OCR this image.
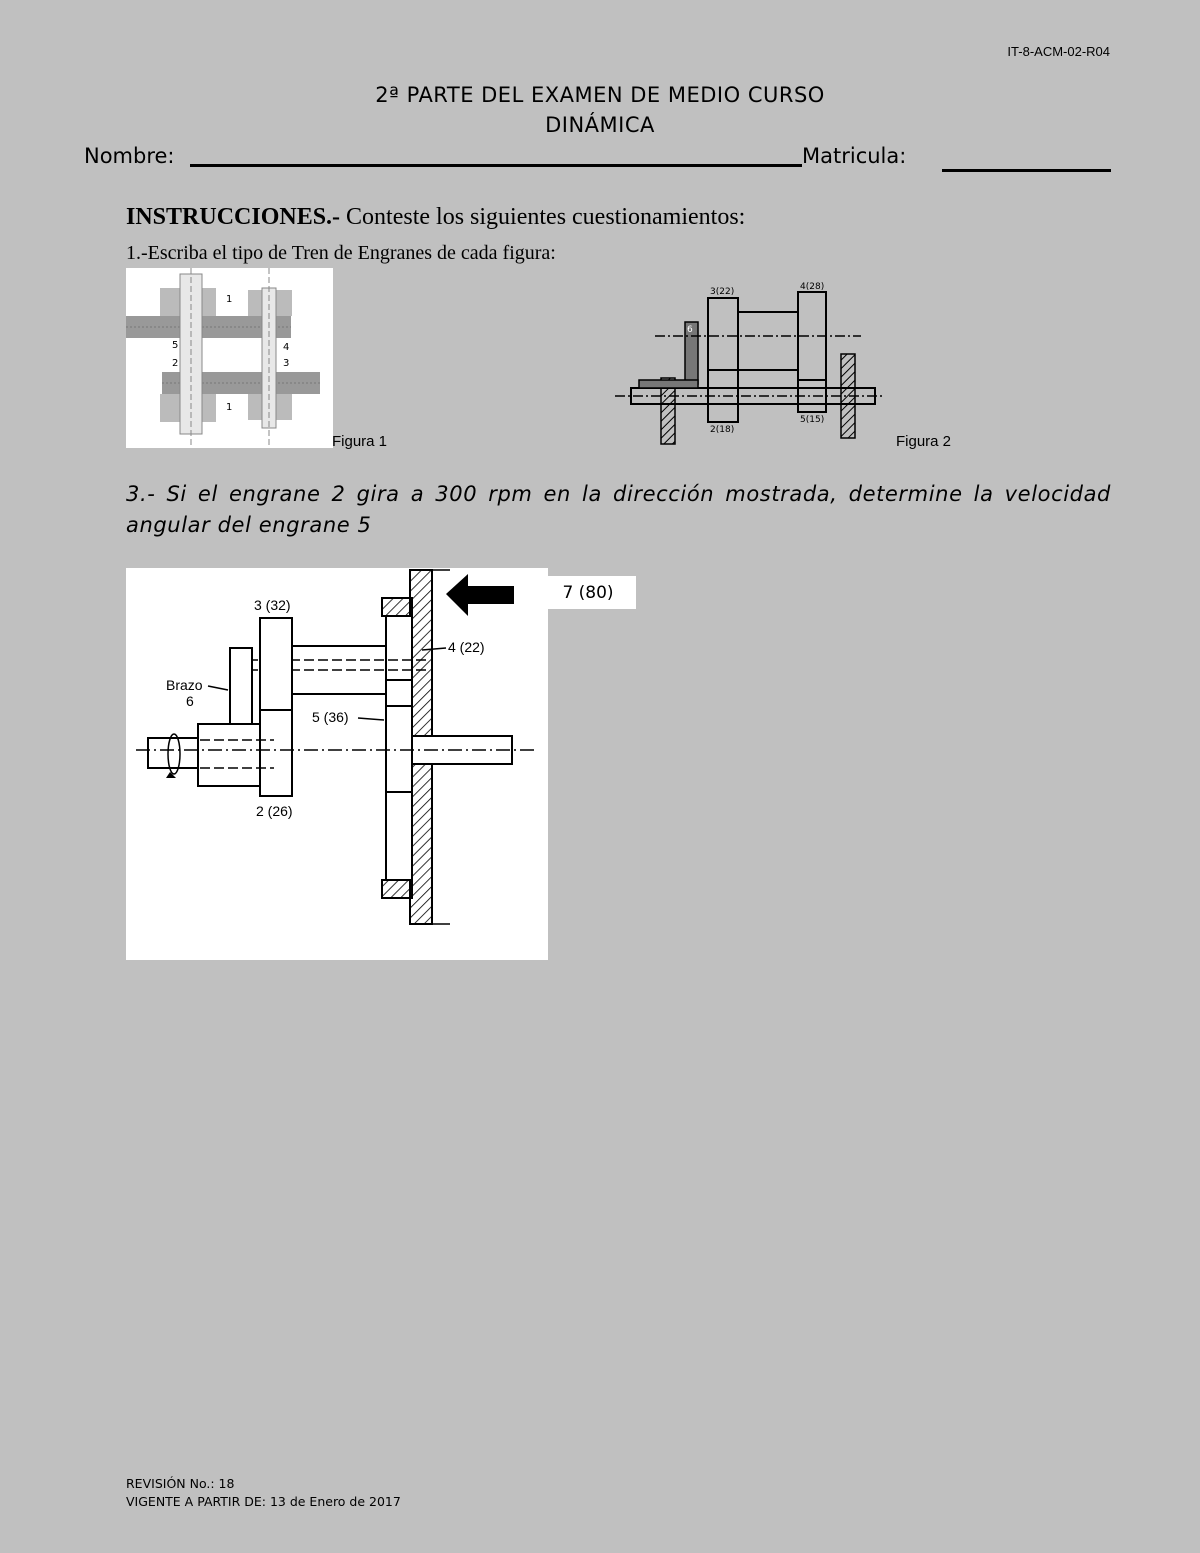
IT-8-ACM-02-R04
2ª PARTE DEL EXAMEN DE MEDIO CURSO
DINÁMICA
Nombre:	Matricula:
INSTRUCCIONES.- Conteste los siguientes cuestionamientos:
1.-Escriba el tipo de Tren de Engranes de cada figura:
1
5
2
4
3
1
Figura 1
3(22)	4(28)
6
2(18)
5(15)
Figura 2
3.- Si el engrane 2 gira a 300 rpm en la dirección mostrada, determine la velocidad angular del engrane 5
3 (32)
4 (22)
Brazo
6
5 (36)
2 (26)
7 (80)
REVISIÓN No.: 18
VIGENTE A PARTIR DE: 13 de Enero de 2017
